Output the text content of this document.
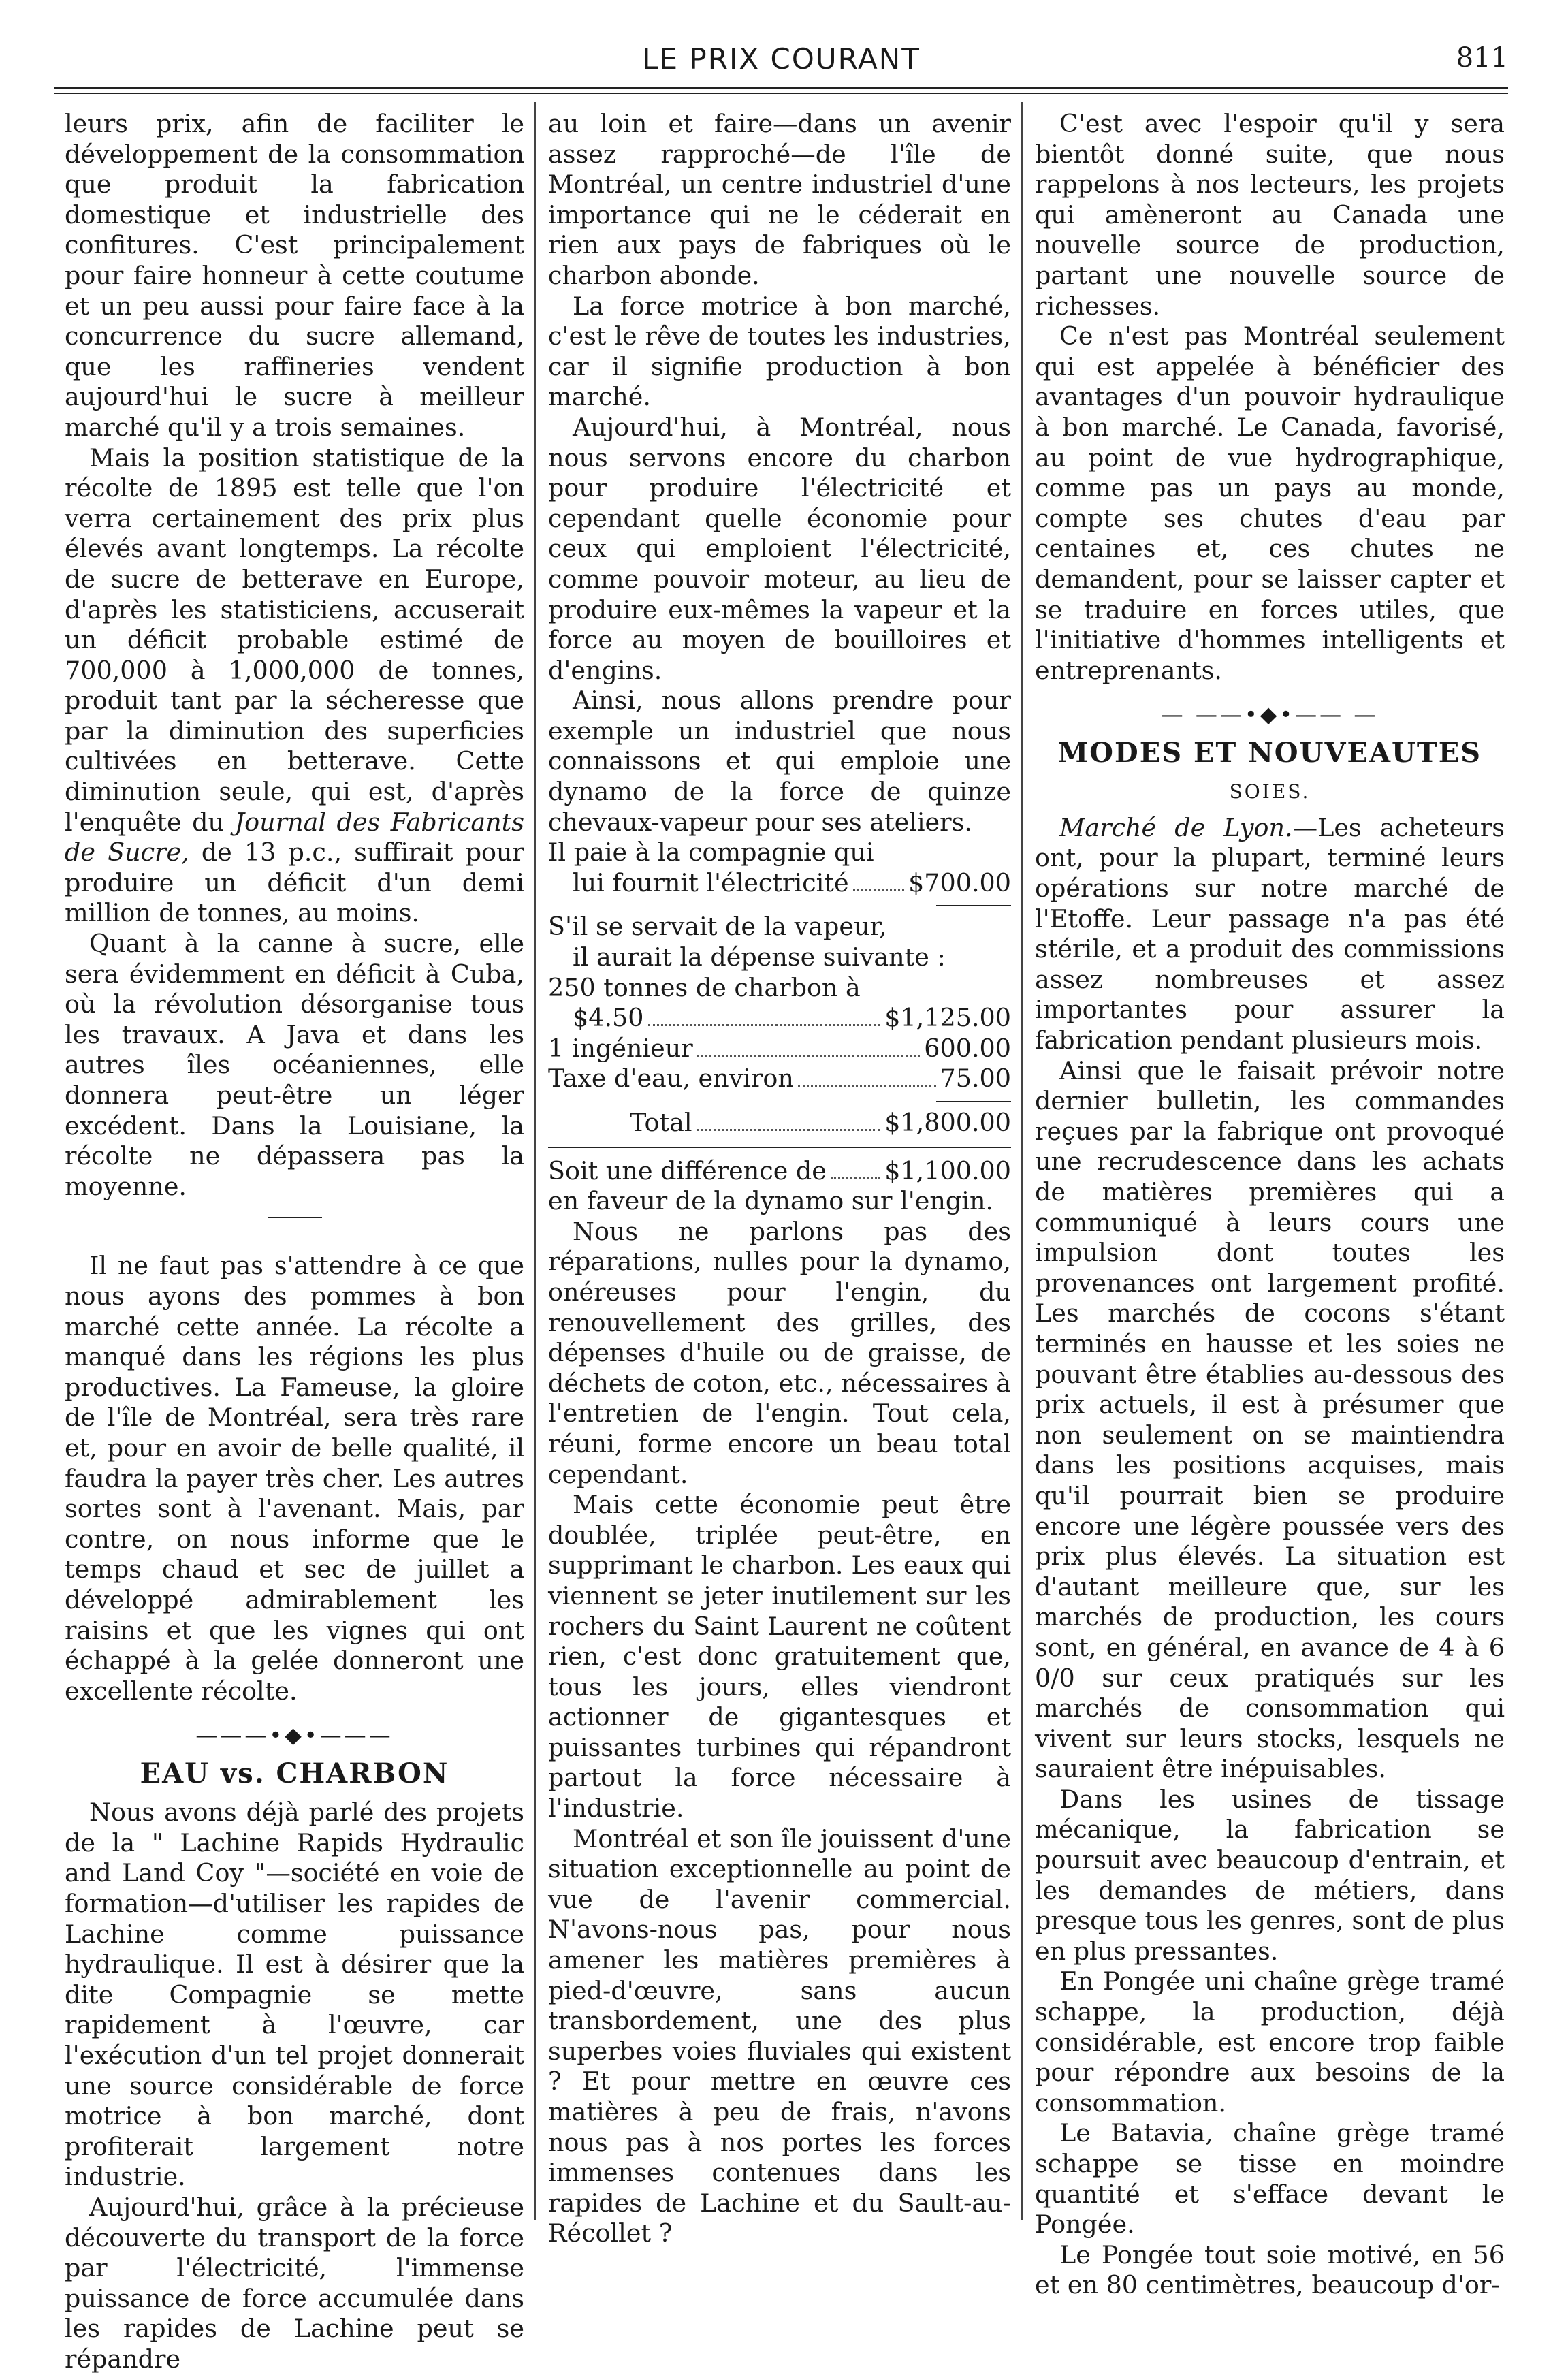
LE PRIX COURANT	811

leurs prix, afin de faciliter le développement de la consommation que produit la fabrication domestique et industrielle des confitures. C'est principalement pour faire honneur à cette coutume et un peu aussi pour faire face à la concurrence du sucre allemand, que les raffineries vendent aujourd'hui le sucre à meilleur marché qu'il y a trois semaines.

Mais la position statistique de la récolte de 1895 est telle que l'on verra certainement des prix plus élevés avant longtemps. La récolte de sucre de betterave en Europe, d'après les statisticiens, accuserait un déficit probable estimé de 700,000 à 1,000,000 de tonnes, produit tant par la sécheresse que par la diminution des superficies cultivées en betterave. Cette diminution seule, qui est, d'après l'enquête du Journal des Fabricants de Sucre, de 13 p.c., suffirait pour produire un déficit d'un demi million de tonnes, au moins.

Quant à la canne à sucre, elle sera évidemment en déficit à Cuba, où la révolution désorganise tous les travaux. A Java et dans les autres îles océaniennes, elle donnera peut-être un léger excédent. Dans la Louisiane, la récolte ne dépassera pas la moyenne.

Il ne faut pas s'attendre à ce que nous ayons des pommes à bon marché cette année. La récolte a manqué dans les régions les plus productives. La Fameuse, la gloire de l'île de Montréal, sera très rare et, pour en avoir de belle qualité, il faudra la payer très cher. Les autres sortes sont à l'avenant. Mais, par contre, on nous informe que le temps chaud et sec de juillet a développé admirablement les raisins et que les vignes qui ont échappé à la gelée donneront une excellente récolte.

———•◆•———
EAU vs. CHARBON

Nous avons déjà parlé des projets de la " Lachine Rapids Hydraulic and Land Coy "—société en voie de formation—d'utiliser les rapides de Lachine comme puissance hydraulique. Il est à désirer que la dite Compagnie se mette rapidement à l'œuvre, car l'exécution d'un tel projet donnerait une source considérable de force motrice à bon marché, dont profiterait largement notre industrie.

Aujourd'hui, grâce à la précieuse découverte du transport de la force par l'électricité, l'immense puissance de force accumulée dans les rapides de Lachine peut se répandre

au loin et faire—dans un avenir assez rapproché—de l'île de Montréal, un centre industriel d'une importance qui ne le céderait en rien aux pays de fabriques où le charbon abonde.

La force motrice à bon marché, c'est le rêve de toutes les industries, car il signifie production à bon marché.

Aujourd'hui, à Montréal, nous nous servons encore du charbon pour produire l'électricité et cependant quelle économie pour ceux qui emploient l'électricité, comme pouvoir moteur, au lieu de produire eux-mêmes la vapeur et la force au moyen de bouilloires et d'engins.

Ainsi, nous allons prendre pour exemple un industriel que nous connaissons et qui emploie une dynamo de la force de quinze chevaux-vapeur pour ses ateliers.

Il paie à la compagnie qui
lui fournit l'électricité $700.00
S'il se servait de la vapeur,
il aurait la dépense suivante :
250 tonnes de charbon à
$4.50	$1,125.00
1 ingénieur	600.00
Taxe d'eau, environ	75.00
Total	$1,800.00
Soit une différence de $1,100.00
en faveur de la dynamo sur l'engin.

Nous ne parlons pas des réparations, nulles pour la dynamo, onéreuses pour l'engin, du renouvellement des grilles, des dépenses d'huile ou de graisse, de déchets de coton, etc., nécessaires à l'entretien de l'engin. Tout cela, réuni, forme encore un beau total cependant.

Mais cette économie peut être doublée, triplée peut-être, en supprimant le charbon. Les eaux qui viennent se jeter inutilement sur les rochers du Saint Laurent ne coûtent rien, c'est donc gratuitement que, tous les jours, elles viendront actionner de gigantesques et puissantes turbines qui répandront partout la force nécessaire à l'industrie.

Montréal et son île jouissent d'une situation exceptionnelle au point de vue de l'avenir commercial. N'avons-nous pas, pour nous amener les matières premières à pied-d'œuvre, sans aucun transbordement, une des plus superbes voies fluviales qui existent ? Et pour mettre en œuvre ces matières à peu de frais, n'avons nous pas à nos portes les forces immenses contenues dans les rapides de Lachine et du Sault-au-Récollet ?

C'est avec l'espoir qu'il y sera bientôt donné suite, que nous rappelons à nos lecteurs, les projets qui amèneront au Canada une nouvelle source de production, partant une nouvelle source de richesses.

Ce n'est pas Montréal seulement qui est appelée à bénéficier des avantages d'un pouvoir hydraulique à bon marché. Le Canada, favorisé, au point de vue hydrographique, comme pas un pays au monde, compte ses chutes d'eau par centaines et, ces chutes ne demandent, pour se laisser capter et se traduire en forces utiles, que l'initiative d'hommes intelligents et entreprenants.

— ——•◆•—— —
MODES ET NOUVEAUTES
SOIES.

Marché de Lyon.—Les acheteurs ont, pour la plupart, terminé leurs opérations sur notre marché de l'Etoffe. Leur passage n'a pas été stérile, et a produit des commissions assez nombreuses et assez importantes pour assurer la fabrication pendant plusieurs mois.

Ainsi que le faisait prévoir notre dernier bulletin, les commandes reçues par la fabrique ont provoqué une recrudescence dans les achats de matières premières qui a communiqué à leurs cours une impulsion dont toutes les provenances ont largement profité. Les marchés de cocons s'étant terminés en hausse et les soies ne pouvant être établies au-dessous des prix actuels, il est à présumer que non seulement on se maintiendra dans les positions acquises, mais qu'il pourrait bien se produire encore une légère poussée vers des prix plus élevés. La situation est d'autant meilleure que, sur les marchés de production, les cours sont, en général, en avance de 4 à 6 0/0 sur ceux pratiqués sur les marchés de consommation qui vivent sur leurs stocks, lesquels ne sauraient être inépuisables.

Dans les usines de tissage mécanique, la fabrication se poursuit avec beaucoup d'entrain, et les demandes de métiers, dans presque tous les genres, sont de plus en plus pressantes.

En Pongée uni chaîne grège tramé schappe, la production, déjà considérable, est encore trop faible pour répondre aux besoins de la consommation.

Le Batavia, chaîne grège tramé schappe se tisse en moindre quantité et s'efface devant le Pongée.

Le Pongée tout soie motivé, en 56 et en 80 centimètres, beaucoup d'or-
